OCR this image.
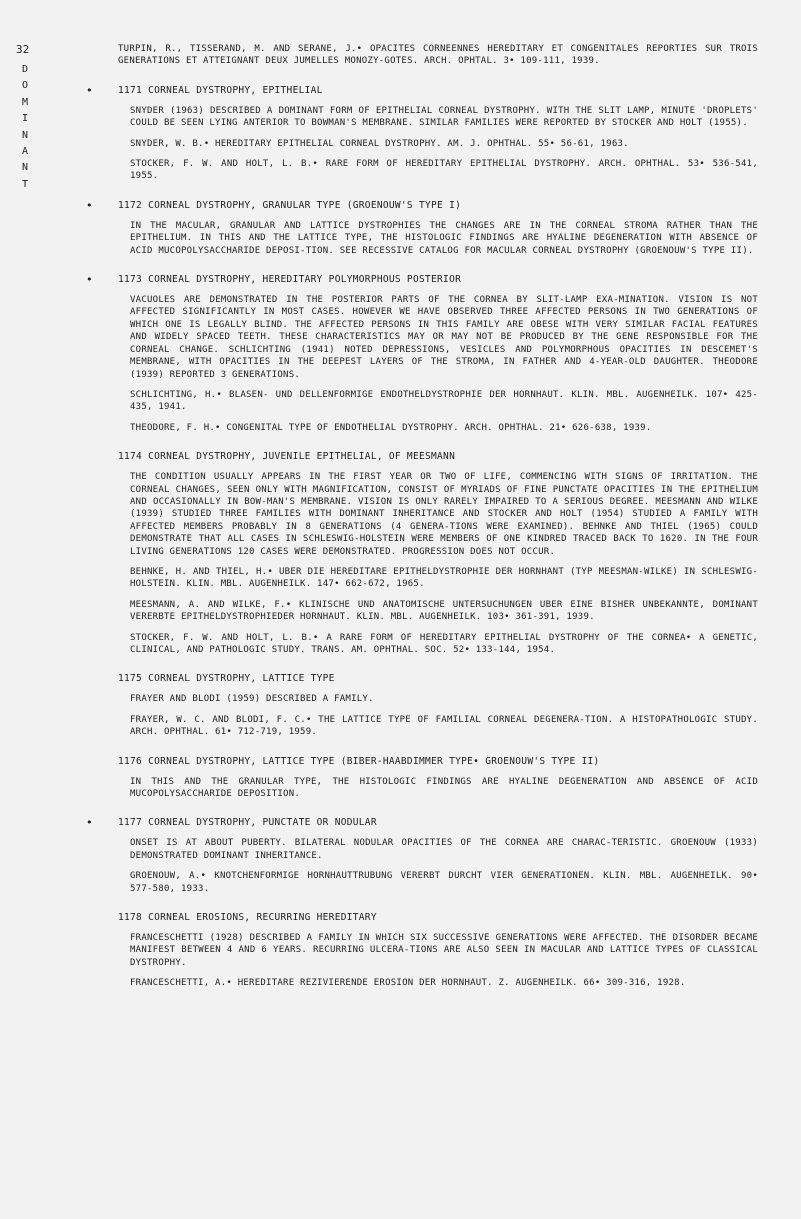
32
D
O
M
I
N
A
N
T

TURPIN, R., TISSERAND, M. AND SERANE, J.• OPACITES CORNEENNES HEREDITARY ET CONGENITALES REPORTIES SUR TROIS GENERATIONS ET ATTEIGNANT DEUX JUMELLES MONOZY-GOTES. ARCH. OPHTAL. 3• 109-111, 1939.

•	1171 CORNEAL DYSTROPHY, EPITHELIAL

SNYDER (1963) DESCRIBED A DOMINANT FORM OF EPITHELIAL CORNEAL DYSTROPHY. WITH THE SLIT LAMP, MINUTE 'DROPLETS' COULD BE SEEN LYING ANTERIOR TO BOWMAN'S MEMBRANE. SIMILAR FAMILIES WERE REPORTED BY STOCKER AND HOLT (1955).

SNYDER, W. B.• HEREDITARY EPITHELIAL CORNEAL DYSTROPHY. AM. J. OPHTHAL. 55• 56-61, 1963.

STOCKER, F. W. AND HOLT, L. B.• RARE FORM OF HEREDITARY EPITHELIAL DYSTROPHY. ARCH. OPHTHAL. 53• 536-541, 1955.

•	1172 CORNEAL DYSTROPHY, GRANULAR TYPE (GROENOUW'S TYPE I)

IN THE MACULAR, GRANULAR AND LATTICE DYSTROPHIES THE CHANGES ARE IN THE CORNEAL STROMA RATHER THAN THE EPITHELIUM. IN THIS AND THE LATTICE TYPE, THE HISTOLOGIC FINDINGS ARE HYALINE DEGENERATION WITH ABSENCE OF ACID MUCOPOLYSACCHARIDE DEPOSI-TION. SEE RECESSIVE CATALOG FOR MACULAR CORNEAL DYSTROPHY (GROENOUW'S TYPE II).

•	1173 CORNEAL DYSTROPHY, HEREDITARY POLYMORPHOUS POSTERIOR

VACUOLES ARE DEMONSTRATED IN THE POSTERIOR PARTS OF THE CORNEA BY SLIT-LAMP EXA-MINATION. VISION IS NOT AFFECTED SIGNIFICANTLY IN MOST CASES. HOWEVER WE HAVE OBSERVED THREE AFFECTED PERSONS IN TWO GENERATIONS OF WHICH ONE IS LEGALLY BLIND. THE AFFECTED PERSONS IN THIS FAMILY ARE OBESE WITH VERY SIMILAR FACIAL FEATURES AND WIDELY SPACED TEETH. THESE CHARACTERISTICS MAY OR MAY NOT BE PRODUCED BY THE GENE RESPONSIBLE FOR THE CORNEAL CHANGE. SCHLICHTING (1941) NOTED DEPRESSIONS, VESICLES AND POLYMORPHOUS OPACITIES IN DESCEMET'S MEMBRANE, WITH OPACITIES IN THE DEEPEST LAYERS OF THE STROMA, IN FATHER AND 4-YEAR-OLD DAUGHTER. THEODORE (1939) REPORTED 3 GENERATIONS.

SCHLICHTING, H.• BLASEN- UND DELLENFORMIGE ENDOTHELDYSTROPHIE DER HORNHAUT. KLIN. MBL. AUGENHEILK. 107• 425-435, 1941.

THEODORE, F. H.• CONGENITAL TYPE OF ENDOTHELIAL DYSTROPHY. ARCH. OPHTHAL. 21• 626-638, 1939.

1174 CORNEAL DYSTROPHY, JUVENILE EPITHELIAL, OF MEESMANN

THE CONDITION USUALLY APPEARS IN THE FIRST YEAR OR TWO OF LIFE, COMMENCING WITH SIGNS OF IRRITATION. THE CORNEAL CHANGES, SEEN ONLY WITH MAGNIFICATION, CONSIST OF MYRIADS OF FINE PUNCTATE OPACITIES IN THE EPITHELIUM AND OCCASIONALLY IN BOW-MAN'S MEMBRANE. VISION IS ONLY RARELY IMPAIRED TO A SERIOUS DEGREE. MEESMANN AND WILKE (1939) STUDIED THREE FAMILIES WITH DOMINANT INHERITANCE AND STOCKER AND HOLT (1954) STUDIED A FAMILY WITH AFFECTED MEMBERS PROBABLY IN 8 GENERATIONS (4 GENERA-TIONS WERE EXAMINED). BEHNKE AND THIEL (1965) COULD DEMONSTRATE THAT ALL CASES IN SCHLESWIG-HOLSTEIN WERE MEMBERS OF ONE KINDRED TRACED BACK TO 1620. IN THE FOUR LIVING GENERATIONS 120 CASES WERE DEMONSTRATED. PROGRESSION DOES NOT OCCUR.

BEHNKE, H. AND THIEL, H.• UBER DIE HEREDITARE EPITHELDYSTROPHIE DER HORNHANT (TYP MEESMAN-WILKE) IN SCHLESWIG-HOLSTEIN. KLIN. MBL. AUGENHEILK. 147• 662-672, 1965.

MEESMANN, A. AND WILKE, F.• KLINISCHE UND ANATOMISCHE UNTERSUCHUNGEN UBER EINE BISHER UNBEKANNTE, DOMINANT VERERBTE EPITHELDYSTROPHIEDER HORNHAUT. KLIN. MBL. AUGENHEILK. 103• 361-391, 1939.

STOCKER, F. W. AND HOLT, L. B.• A RARE FORM OF HEREDITARY EPITHELIAL DYSTROPHY OF THE CORNEA• A GENETIC, CLINICAL, AND PATHOLOGIC STUDY. TRANS. AM. OPHTHAL. SOC. 52• 133-144, 1954.

1175 CORNEAL DYSTROPHY, LATTICE TYPE

FRAYER AND BLODI (1959) DESCRIBED A FAMILY.

FRAYER, W. C. AND BLODI, F. C.• THE LATTICE TYPE OF FAMILIAL CORNEAL DEGENERA-TION. A HISTOPATHOLOGIC STUDY. ARCH. OPHTHAL. 61• 712-719, 1959.

1176 CORNEAL DYSTROPHY, LATTICE TYPE (BIBER-HAABDIMMER TYPE• GROENOUW'S TYPE II)

IN THIS AND THE GRANULAR TYPE, THE HISTOLOGIC FINDINGS ARE HYALINE DEGENERATION AND ABSENCE OF ACID MUCOPOLYSACCHARIDE DEPOSITION.

•	1177 CORNEAL DYSTROPHY, PUNCTATE OR NODULAR

ONSET IS AT ABOUT PUBERTY. BILATERAL NODULAR OPACITIES OF THE CORNEA ARE CHARAC-TERISTIC. GROENOUW (1933) DEMONSTRATED DOMINANT INHERITANCE.

GROENOUW, A.• KNOTCHENFORMIGE HORNHAUTTRUBUNG VERERBT DURCHT VIER GENERATIONEN. KLIN. MBL. AUGENHEILK. 90• 577-580, 1933.

1178 CORNEAL EROSIONS, RECURRING HEREDITARY

FRANCESCHETTI (1928) DESCRIBED A FAMILY IN WHICH SIX SUCCESSIVE GENERATIONS WERE AFFECTED. THE DISORDER BECAME MANIFEST BETWEEN 4 AND 6 YEARS. RECURRING ULCERA-TIONS ARE ALSO SEEN IN MACULAR AND LATTICE TYPES OF CLASSICAL DYSTROPHY.

FRANCESCHETTI, A.• HEREDITARE REZIVIERENDE EROSION DER HORNHAUT. Z. AUGENHEILK. 66• 309-316, 1928.
